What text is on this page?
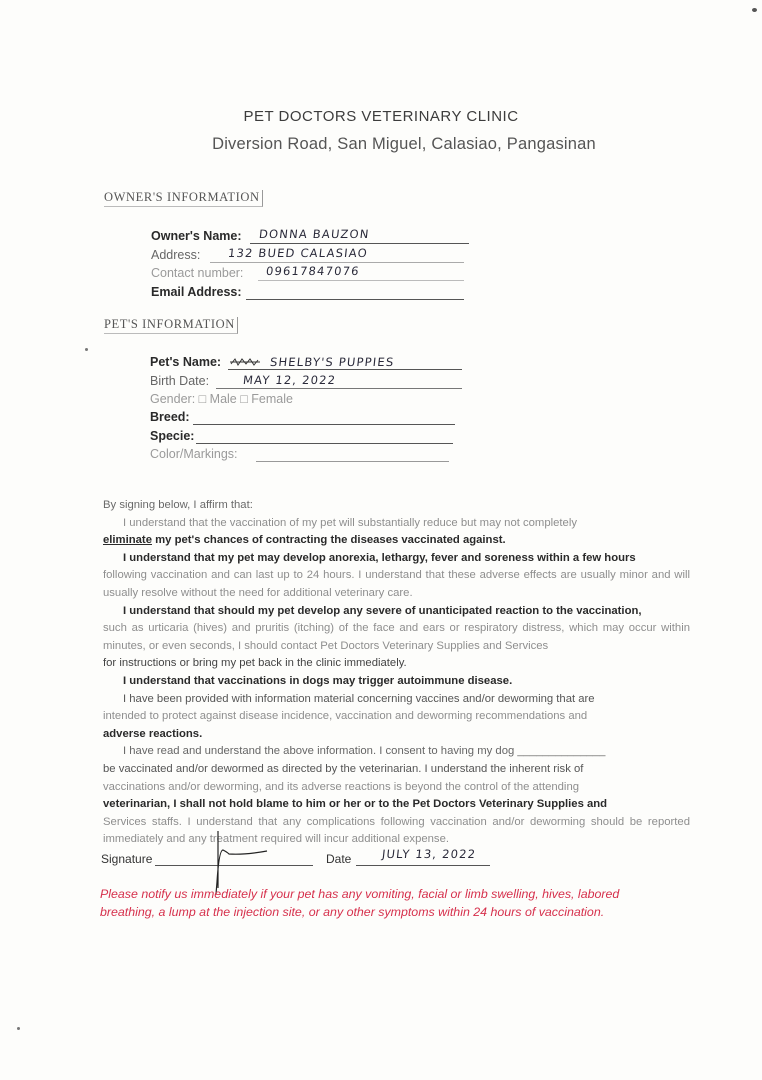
PET DOCTORS VETERINARY CLINIC
Diversion Road, San Miguel, Calasiao, Pangasinan
OWNER'S INFORMATION
Owner's Name: DONNA BAUZON
Address: 132 BUED CALASIAO
Contact number: 09617847076
Email Address:
PET'S INFORMATION
Pet's Name:	SHELBY'S PUPPIES
Birth Date:	MAY 12, 2022
Gender: □ Male □ Female
Breed:
Specie:
Color/Markings:

By signing below, I affirm that:

I understand that the vaccination of my pet will substantially reduce but may not completely

eliminate my pet's chances of contracting the diseases vaccinated against.

I understand that my pet may develop anorexia, lethargy, fever and soreness within a few hours

following vaccination and can last up to 24 hours. I understand that these adverse effects are usually minor and will usually resolve without the need for additional veterinary care.

I understand that should my pet develop any severe of unanticipated reaction to the vaccination,

such as urticaria (hives) and pruritis (itching) of the face and ears or respiratory distress, which may occur within minutes, or even seconds, I should contact Pet Doctors Veterinary Supplies and Services

for instructions or bring my pet back in the clinic immediately.

I understand that vaccinations in dogs may trigger autoimmune disease.

I have been provided with information material concerning vaccines and/or deworming that are

intended to protect against disease incidence, vaccination and deworming recommendations and

adverse reactions.

I have read and understand the above information. I consent to having my dog ______________

be vaccinated and/or dewormed as directed by the veterinarian. I understand the inherent risk of

vaccinations and/or deworming, and its adverse reactions is beyond the control of the attending

veterinarian, I shall not hold blame to him or her or to the Pet Doctors Veterinary Supplies and

Services staffs. I understand that any complications following vaccination and/or deworming should be reported immediately and any treatment required will incur additional expense.

Signature	Date	JULY 13, 2022
Please notify us immediately if your pet has any vomiting, facial or limb swelling, hives, labored breathing, a lump at the injection site, or any other symptoms within 24 hours of vaccination.
